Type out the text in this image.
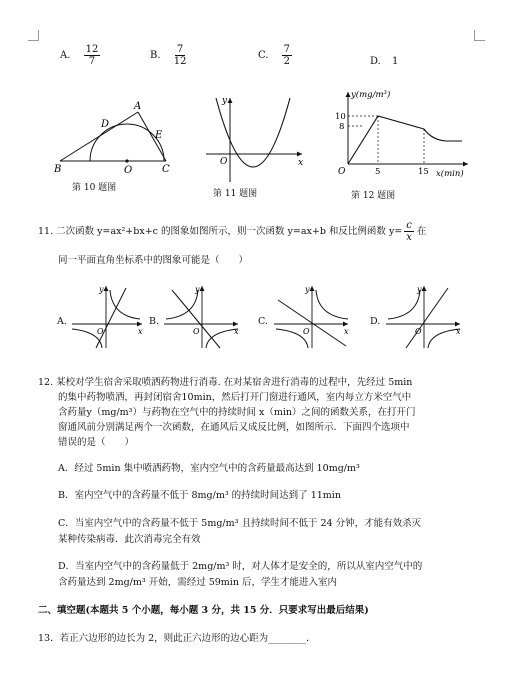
A. $\frac{12}{7}$	B. $\frac{7}{12}$	C. $\frac{7}{2}$	D. 1
A
B	C
D
E
O
第 10 题图
y
x
O
第 11 题图
y(mg/m³)
x(min)
O
10
8
5	15
第 12 题图
11. 二次函数 y=ax²+bx+c 的图象如图所示，则一次函数 y=ax+b 和反比例函数 $y= \frac{c}{x}$ 在
同一平面直角坐标系中的图象可能是（　　）
A.
y
x
O
B.
y
x
O
C.
y
x
O
D.
y
x
O
12. 某校对学生宿舍采取喷洒药物进行消毒. 在对某宿舍进行消毒的过程中，先经过 5min
的集中药物喷洒，再封闭宿舍10min，然后打开门窗进行通风，室内每立方米空气中
含药量y（mg/m³）与药物在空气中的持续时间 x（min）之间的函数关系，在打开门
窗通风前分别满足两个一次函数，在通风后又成反比例，如图所示．下面四个选项中
错误的是（　　）
A．经过 5min 集中喷洒药物，室内空气中的含药量最高达到 10mg/m³
B．室内空气中的含药量不低于 8mg/m³ 的持续时间达到了 11min
C．当室内空气中的含药量不低于 5mg/m³ 且持续时间不低于 24 分钟，才能有效杀灭
某种传染病毒．此次消毒完全有效
D．当室内空气中的含药量低于 2mg/m³ 时，对人体才是安全的，所以从室内空气中的
含药量达到 2mg/m³ 开始，需经过 59min 后，学生才能进入室内
二、填空题(本题共 5 个小题，每小题 3 分，共 15 分．只要求写出最后结果)
13．若正六边形的边长为 2，则此正六边形的边心距为________．
